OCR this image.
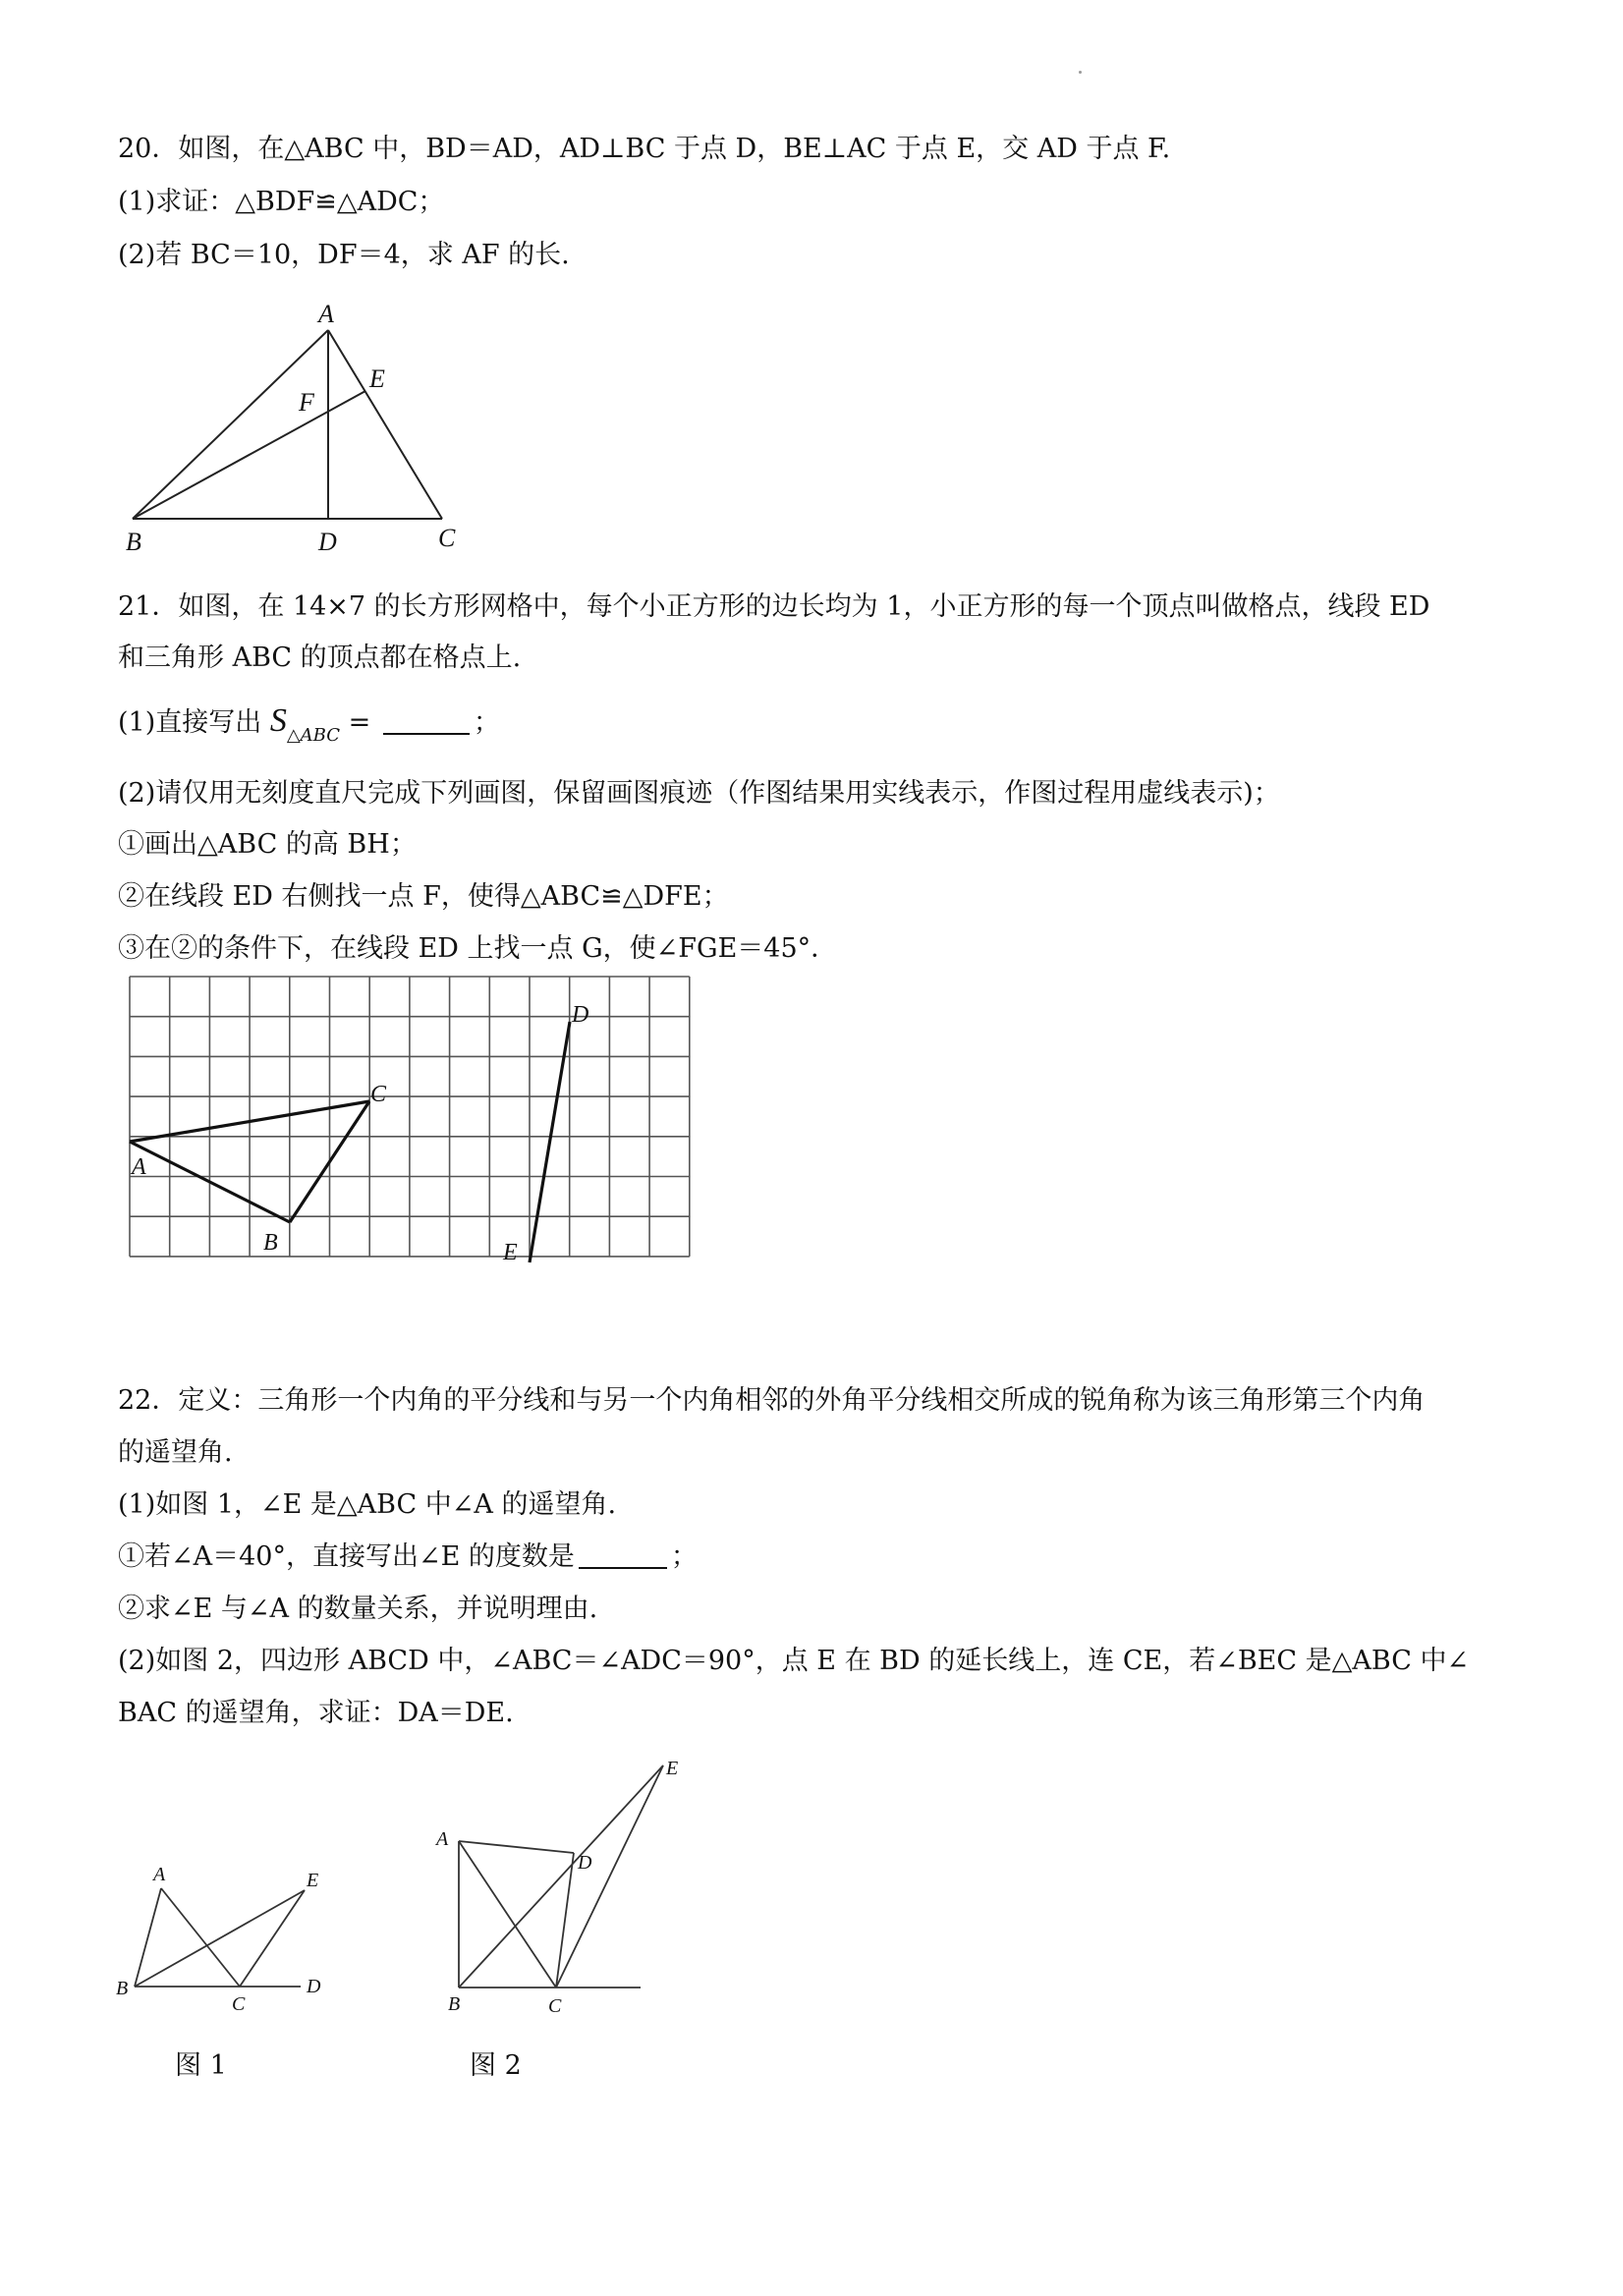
20．如图，在△ABC 中，BD＝AD，AD⊥BC 于点 D，BE⊥AC 于点 E，交 AD 于点 F.
(1)求证：△BDF≌△ADC；
(2)若 BC＝10，DF＝4，求 AF 的长.
A
E
F
B	D	C
21．如图，在 14×7 的长方形网格中，每个小正方形的边长均为 1，小正方形的每一个顶点叫做格点，线段 ED
和三角形 ABC 的顶点都在格点上.
(1)直接写出 $S_{\triangle ABC}$ =	；
(2)请仅用无刻度直尺完成下列画图，保留画图痕迹（作图结果用实线表示，作图过程用虚线表示)；
①画出△ABC 的高 BH；
②在线段 ED 右侧找一点 F，使得△ABC≌△DFE；
③在②的条件下，在线段 ED 上找一点 G，使∠FGE＝45°．
A
B
C
D
E
22．定义：三角形一个内角的平分线和与另一个内角相邻的外角平分线相交所成的锐角称为该三角形第三个内角
的遥望角.
(1)如图 1，∠E 是△ABC 中∠A 的遥望角.
①若∠A＝40°，直接写出∠E 的度数是	；
②求∠E 与∠A 的数量关系，并说明理由.
(2)如图 2，四边形 ABCD 中，∠ABC＝∠ADC＝90°，点 E 在 BD 的延长线上，连 CE，若∠BEC 是△ABC 中∠
BAC 的遥望角，求证：DA＝DE.
A	E
B
C
D
E
A
D
B	C
图 1	图 2
